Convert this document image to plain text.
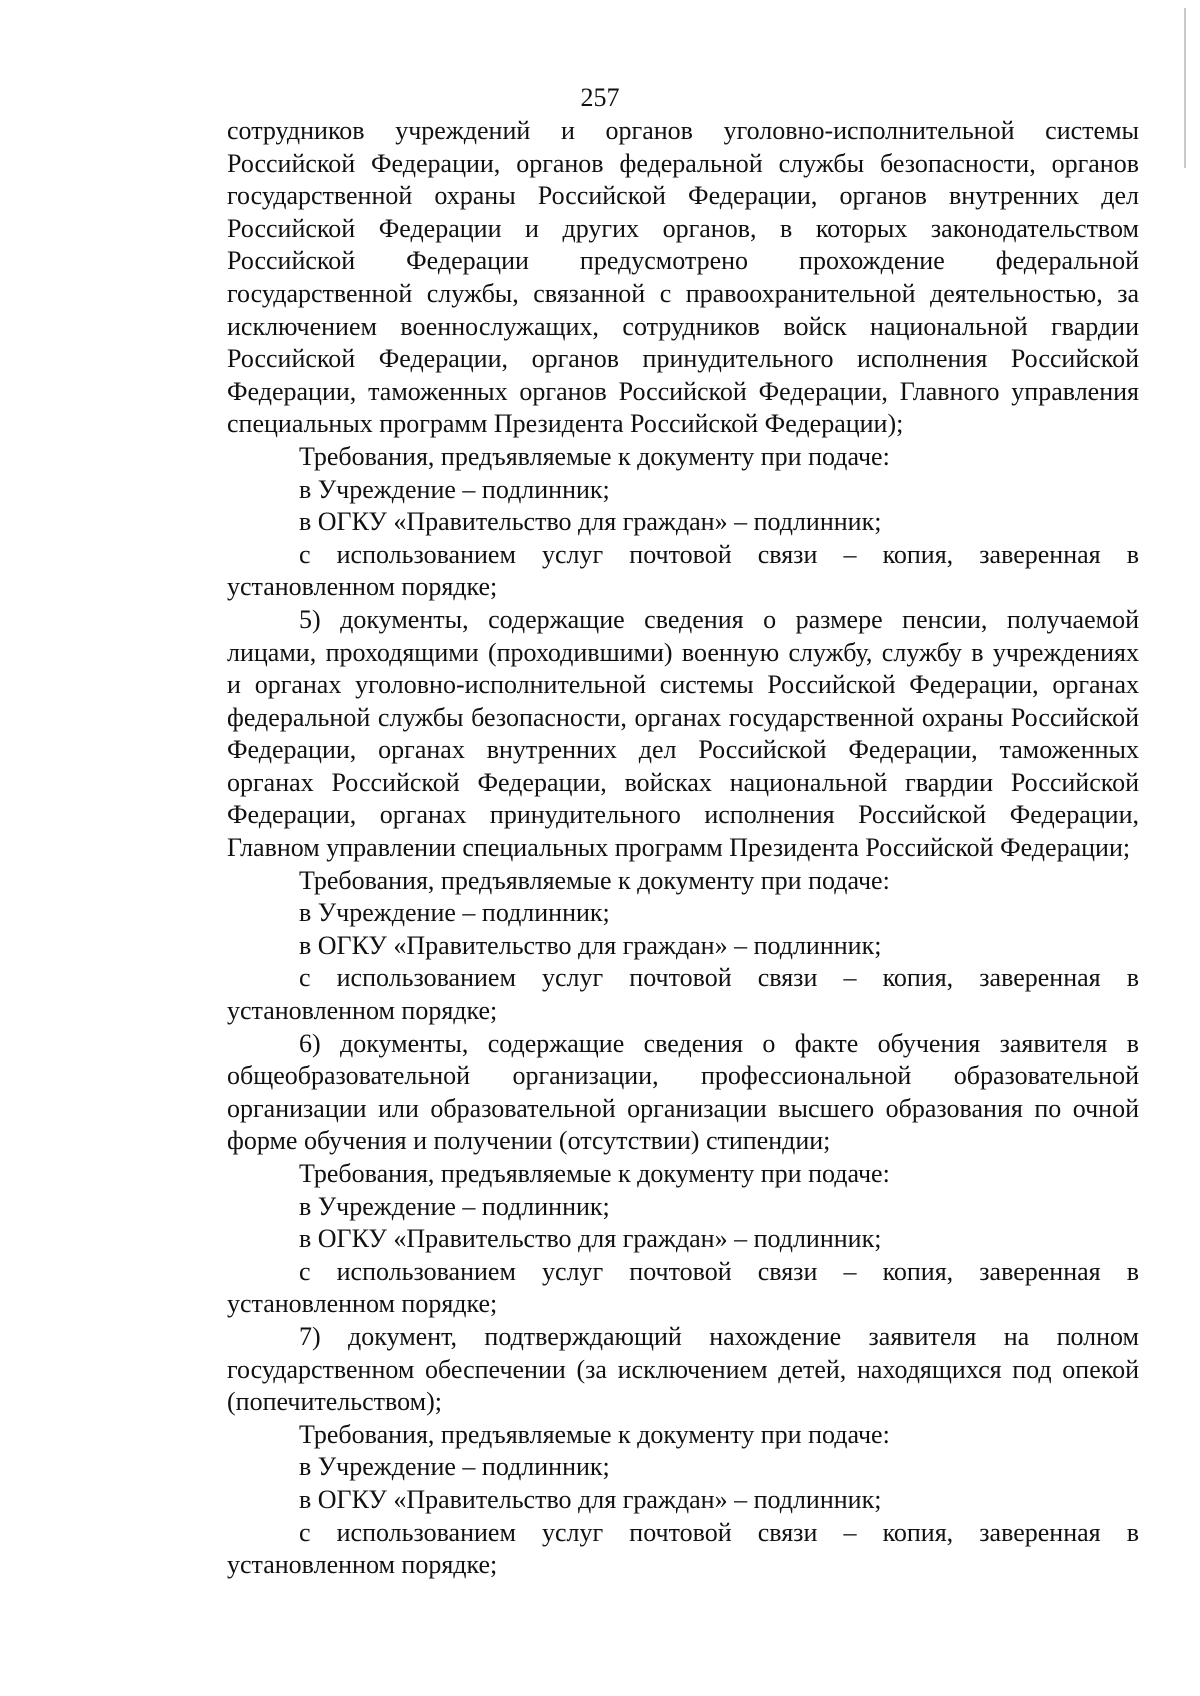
257

сотрудников учреждений и органов уголовно-исполнительной системы Российской Федерации, органов федеральной службы безопасности, органов государственной охраны Российской Федерации, органов внутренних дел Российской Федерации и других органов, в которых законодательством Российской Федерации предусмотрено прохождение федеральной государственной службы, связанной с правоохранительной деятельностью, за исключением военнослужащих, сотрудников войск национальной гвардии Российской Федерации, органов принудительного исполнения Российской Федерации, таможенных органов Российской Федерации, Главного управления специальных программ Президента Российской Федерации);

Требования, предъявляемые к документу при подаче:

в Учреждение – подлинник;

в ОГКУ «Правительство для граждан» – подлинник;

с использованием услуг почтовой связи – копия, заверенная в установленном порядке;

5) документы, содержащие сведения о размере пенсии, получаемой лицами, проходящими (проходившими) военную службу, службу в учреждениях и органах уголовно-исполнительной системы Российской Федерации, органах федеральной службы безопасности, органах государственной охраны Российской Федерации, органах внутренних дел Российской Федерации, таможенных органах Российской Федерации, войсках национальной гвардии Российской Федерации, органах принудительного исполнения Российской Федерации, Главном управлении специальных программ Президента Российской Федерации;

Требования, предъявляемые к документу при подаче:

в Учреждение – подлинник;

в ОГКУ «Правительство для граждан» – подлинник;

с использованием услуг почтовой связи – копия, заверенная в установленном порядке;

6) документы, содержащие сведения о факте обучения заявителя в общеобразовательной организации, профессиональной образовательной организации или образовательной организации высшего образования по очной форме обучения и получении (отсутствии) стипендии;

Требования, предъявляемые к документу при подаче:

в Учреждение – подлинник;

в ОГКУ «Правительство для граждан» – подлинник;

с использованием услуг почтовой связи – копия, заверенная в установленном порядке;

7) документ, подтверждающий нахождение заявителя на полном государственном обеспечении (за исключением детей, находящихся под опекой (попечительством);

Требования, предъявляемые к документу при подаче:

в Учреждение – подлинник;

в ОГКУ «Правительство для граждан» – подлинник;

с использованием услуг почтовой связи – копия, заверенная в установленном порядке;
